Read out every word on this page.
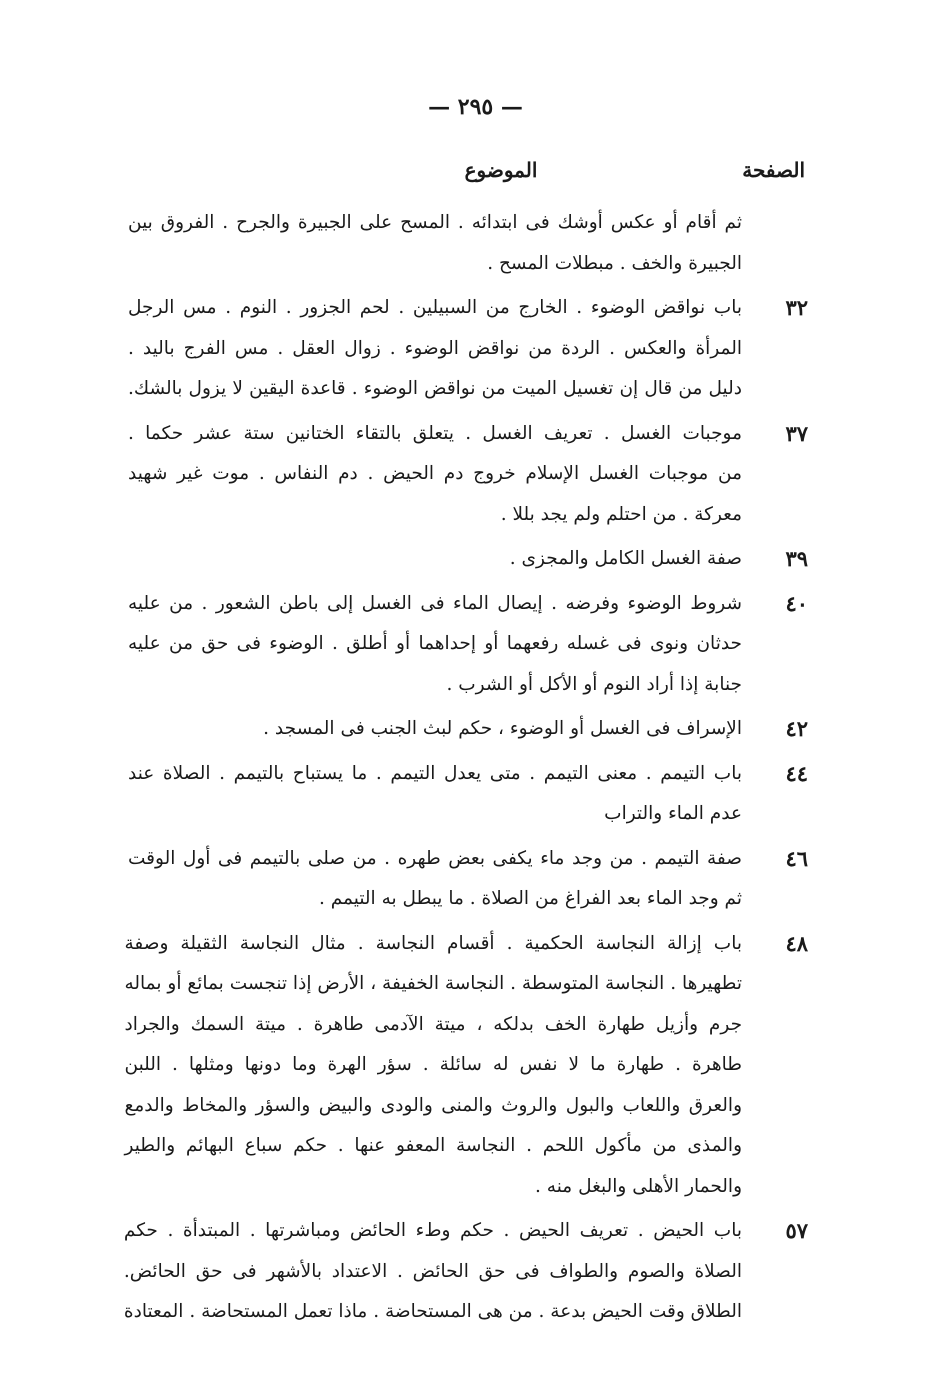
— ٢٩٥ —
الصفحة
الموضوع
ثم أقام أو عكس أوشك فى ابتدائه . المسح على الجبيرة والجرح . الفروق بين
الجبيرة والخف . مبطلات المسح .
٣٢
باب نواقض الوضوء . الخارج من السبيلين . لحم الجزور . النوم . مس الرجل
المرأة والعكس . الردة من نواقض الوضوء . زوال العقل . مس الفرج باليد .
دليل من قال إن تغسيل الميت من نواقض الوضوء . قاعدة اليقين لا يزول بالشك.
٣٧
موجبات الغسل . تعريف الغسل . يتعلق بالتقاء الختانين ستة عشر حكما .
من موجبات الغسل الإسلام خروج دم الحيض . دم النفاس . موت غير شهيد
معركة . من احتلم ولم يجد بللا .
٣٩
صفة الغسل الكامل والمجزى .
٤٠
شروط الوضوء وفرضه . إيصال الماء فى الغسل إلى باطن الشعور . من عليه
حدثان ونوى فى غسله رفعهما أو إحداهما أو أطلق . الوضوء فى حق من عليه
جنابة إذا أراد النوم أو الأكل أو الشرب .
٤٢
الإسراف فى الغسل أو الوضوء ، حكم لبث الجنب فى المسجد .
٤٤
باب التيمم . معنى التيمم . متى يعدل التيمم . ما يستباح بالتيمم . الصلاة عند
عدم الماء والتراب
٤٦
صفة التيمم . من وجد ماء يكفى بعض طهره . من صلى بالتيمم فى أول الوقت
ثم وجد الماء بعد الفراغ من الصلاة . ما يبطل به التيمم .
٤٨
باب إزالة النجاسة الحكمية . أقسام النجاسة . مثال النجاسة الثقيلة وصفة
تطهيرها . النجاسة المتوسطة . النجاسة الخفيفة ، الأرض إذا تنجست بمائع أو بماله
جرم وأزيل طهارة الخف بدلكه ، ميتة الآدمى طاهرة . ميتة السمك والجراد
طاهرة . طهارة ما لا نفس له سائلة . سؤر الهرة وما دونها ومثلها . اللبن
والعرق واللعاب والبول والروث والمنى والودى والبيض والسؤر والمخاط والدمع
والمذى من مأكول اللحم . النجاسة المعفو عنها . حكم سباع البهائم والطير
والحمار الأهلى والبغل منه .
٥٧
باب الحيض . تعريف الحيض . حكم وطء الحائض ومباشرتها . المبتدأة . حكم
الصلاة والصوم والطواف فى حق الحائض . الاعتداد بالأشهر فى حق الحائض.
الطلاق وقت الحيض بدعة . من هى المستحاضة . ماذا تعمل المستحاضة . المعتادة
